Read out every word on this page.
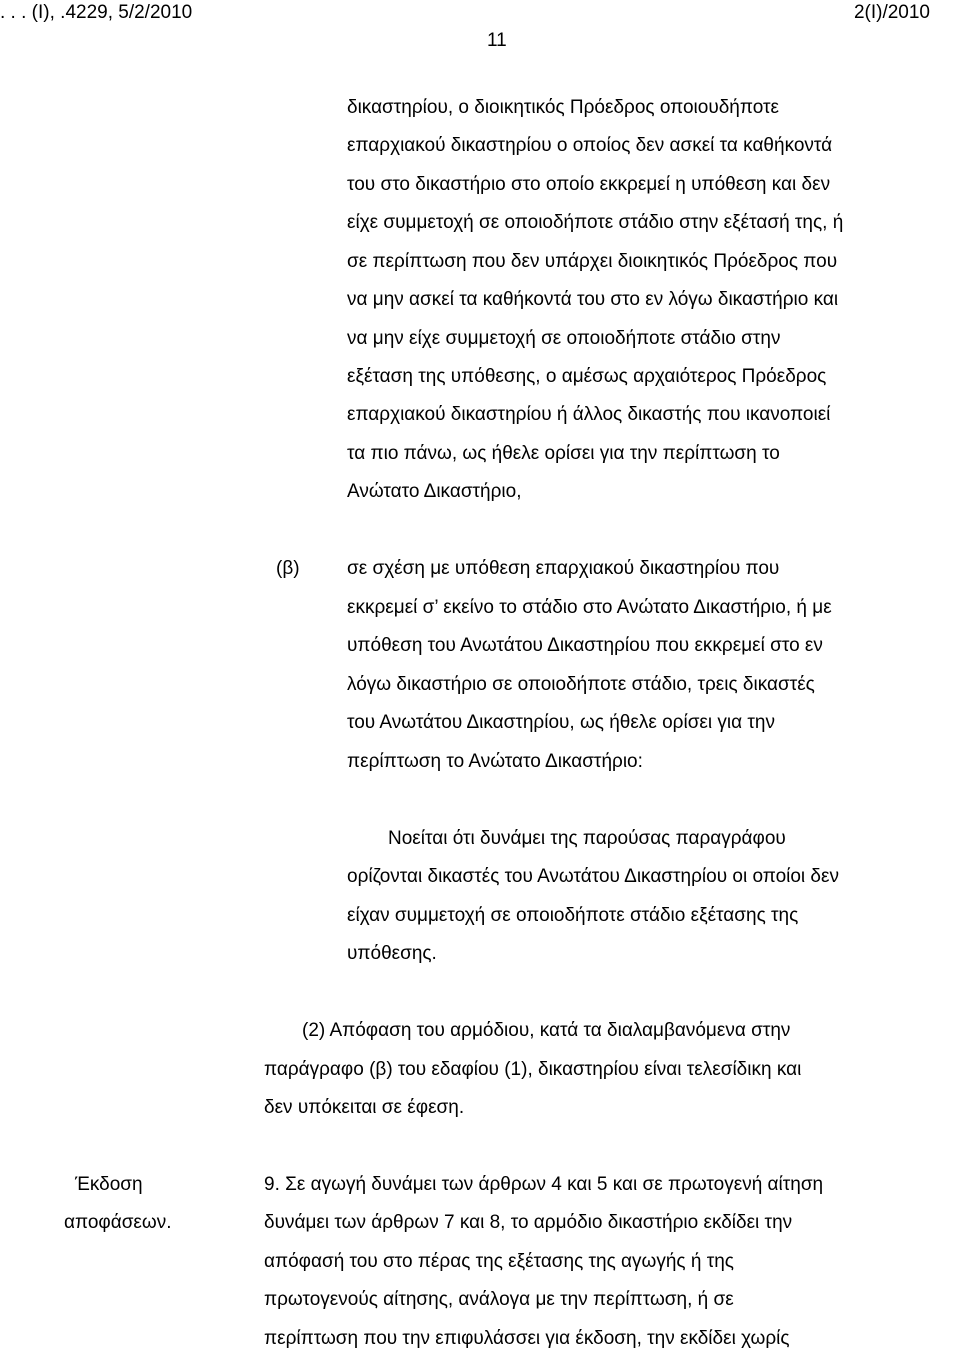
. . . (Ι), .4229, 5/2/2010	2(Ι)/2010
11
δικαστηρίου, ο διοικητικός Πρόεδρος οποιουδήποτε
επαρχιακού δικαστηρίου ο οποίος δεν ασκεί τα καθήκοντά
του στο δικαστήριο στο οποίο εκκρεμεί η υπόθεση και δεν
είχε συμμετοχή σε οποιοδήποτε στάδιο στην εξέτασή της, ή
σε περίπτωση που δεν υπάρχει διοικητικός Πρόεδρος που
να μην ασκεί τα καθήκοντά του στο εν λόγω δικαστήριο και
να μην είχε συμμετοχή σε οποιοδήποτε στάδιο στην
εξέταση της υπόθεσης, ο αμέσως αρχαιότερος Πρόεδρος
επαρχιακού δικαστηρίου ή άλλος δικαστής που ικανοποιεί
τα πιο πάνω, ως ήθελε ορίσει για την περίπτωση το
Ανώτατο Δικαστήριο,
(β) σε σχέση με υπόθεση επαρχιακού δικαστηρίου που
εκκρεμεί σ’ εκείνο το στάδιο στο Ανώτατο Δικαστήριο, ή με
υπόθεση του Ανωτάτου Δικαστηρίου που εκκρεμεί στο εν
λόγω δικαστήριο σε οποιοδήποτε στάδιο, τρεις δικαστές
του Ανωτάτου Δικαστηρίου, ως ήθελε ορίσει για την
περίπτωση το Ανώτατο Δικαστήριο:
Νοείται ότι δυνάμει της παρούσας παραγράφου
ορίζονται δικαστές του Ανωτάτου Δικαστηρίου οι οποίοι δεν
είχαν συμμετοχή σε οποιοδήποτε στάδιο εξέτασης της
υπόθεσης.
(2) Απόφαση του αρμόδιου, κατά τα διαλαμβανόμενα στην
παράγραφο (β) του εδαφίου (1), δικαστηρίου είναι τελεσίδικη και
δεν υπόκειται σε έφεση.
Έκδοση
αποφάσεων.
9. Σε αγωγή δυνάμει των άρθρων 4 και 5 και σε πρωτογενή αίτηση
δυνάμει των άρθρων 7 και 8, το αρμόδιο δικαστήριο εκδίδει την
απόφασή του στο πέρας της εξέτασης της αγωγής ή της
πρωτογενούς αίτησης, ανάλογα με την περίπτωση, ή σε
περίπτωση που την επιφυλάσσει για έκδοση, την εκδίδει χωρίς
